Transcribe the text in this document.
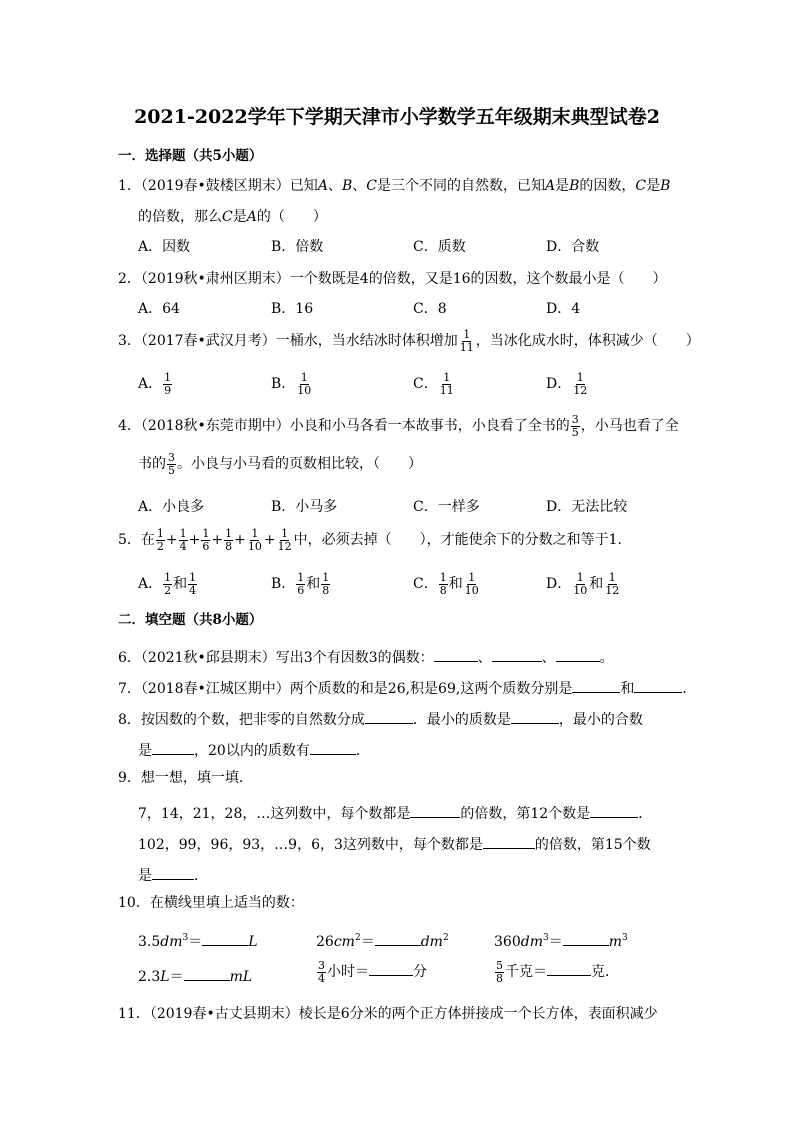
2021-2022学年下学期天津市小学数学五年级期末典型试卷2
一．选择题（共5小题）
1．（2019春•鼓楼区期末）已知A、B、C是三个不同的自然数，已知A是B的因数，C是B
的倍数，那么C是A的（　　）
A．因数	B．倍数	C．质数	D．合数
2．（2019秋•肃州区期末）一个数既是4的倍数，又是16的因数，这个数最小是（　　）
A．64	B．16	C．8	D．4
3．（2017春•武汉月考）一桶水，当水结冰时体积增加 $\frac{1}{11}$ ，当冰化成水时，体积减少（　　）
A． $\frac{1}{9}$	B． $\frac{1}{10}$	C． $\frac{1}{11}$	D． $\frac{1}{12}$
4．（2018秋•东莞市期中）小良和小马各看一本故事书，小良看了全书的 $\frac{3}{5}$ ，小马也看了全
书的 $\frac{3}{5}$ 。小良与小马看的页数相比较，（　　）
A．小良多	B．小马多	C．一样多	D．无法比较
5．在 $\frac{1}{2} + \frac{1}{4} + \frac{1}{6} + \frac{1}{8} + \frac{1}{10} + \frac{1}{12}$ 中，必须去掉（　　），才能使余下的分数之和等于1．
A． $\frac{1}{2}$ 和 $\frac{1}{4}$	B． $\frac{1}{6}$ 和 $\frac{1}{8}$	C． $\frac{1}{8}$ 和 $\frac{1}{10}$	D． $\frac{1}{10}$ 和 $\frac{1}{12}$
二．填空题（共8小题）
6．（2021秋•邱县期末）写出3个有因数3的偶数：	、	、	。
7．（2018春•江城区期中）两个质数的和是26,积是69,这两个质数分别是	和	．
8．按因数的个数，把非零的自然数分成	．最小的质数是	，最小的合数
是	，20以内的质数有	．
9．想一想，填一填．
7，14，21，28，…这列数中，每个数都是	的倍数，第12个数是	．
102，99，96，93，…9，6，3这列数中，每个数都是	的倍数，第15个数
是	．
10．在横线里填上适当的数：
$3.5dm^3=$	L	$26cm^2=$	$dm^2$	$360dm^3=$	$m^3$
2.3L＝	mL	$\frac{3}{4}$ 小时＝	分	$\frac{5}{8}$ 千克＝	克．
11．（2019春•古丈县期末）棱长是6分米的两个正方体拼接成一个长方体，表面积减少
